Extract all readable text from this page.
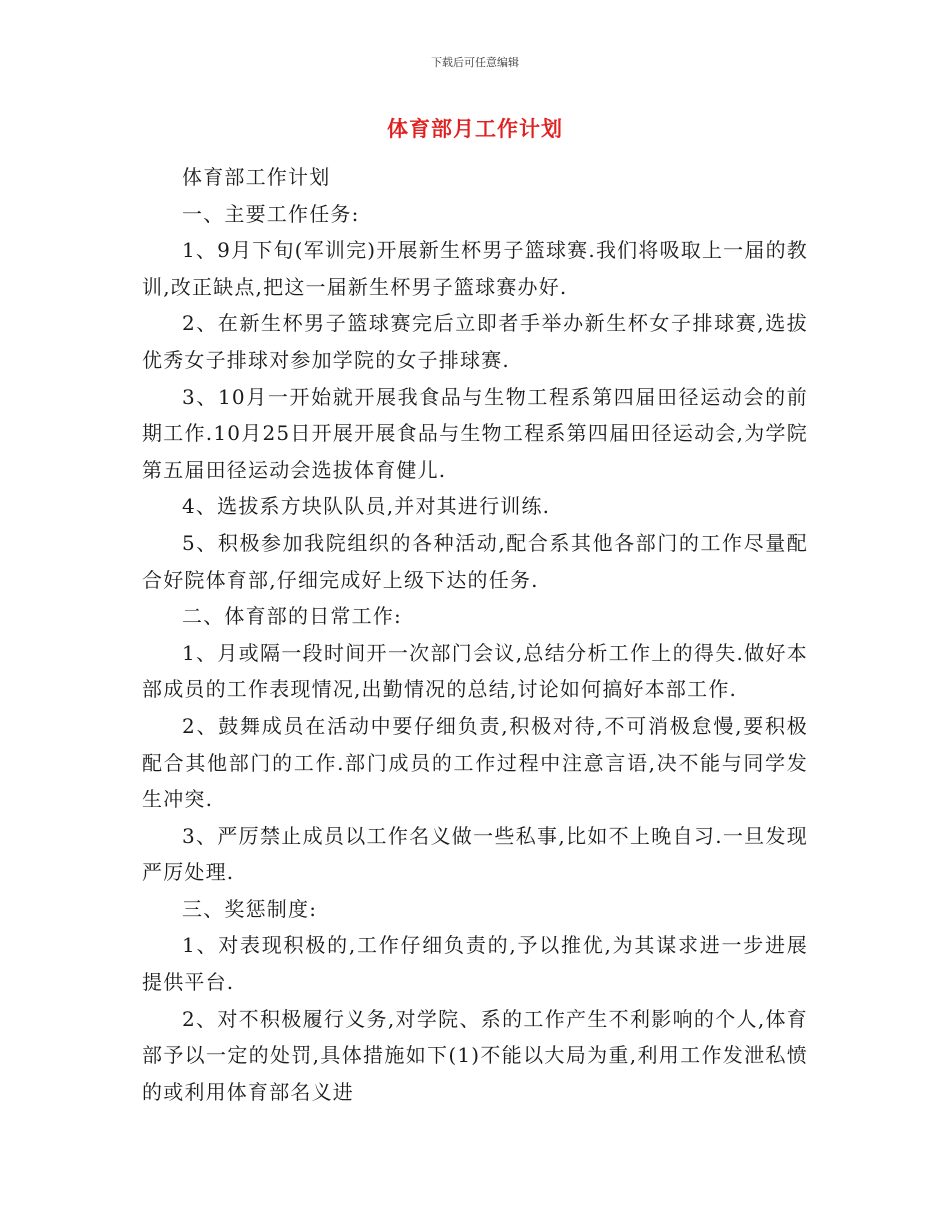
下载后可任意编辑
体育部月工作计划

体育部工作计划

一、主要工作任务:

1、9月下旬(军训完)开展新生杯男子篮球赛.我们将吸取上一届的教训,改正缺点,把这一届新生杯男子篮球赛办好.

2、在新生杯男子篮球赛完后立即者手举办新生杯女子排球赛,选拔优秀女子排球对参加学院的女子排球赛.

3、10月一开始就开展我食品与生物工程系第四届田径运动会的前期工作.10月25日开展开展食品与生物工程系第四届田径运动会,为学院第五届田径运动会选拔体育健儿.

4、选拔系方块队队员,并对其进行训练.

5、积极参加我院组织的各种活动,配合系其他各部门的工作尽量配合好院体育部,仔细完成好上级下达的任务.

二、体育部的日常工作:

1、月或隔一段时间开一次部门会议,总结分析工作上的得失.做好本部成员的工作表现情况,出勤情况的总结,讨论如何搞好本部工作.

2、鼓舞成员在活动中要仔细负责,积极对待,不可消极怠慢,要积极配合其他部门的工作.部门成员的工作过程中注意言语,决不能与同学发生冲突.

3、严厉禁止成员以工作名义做一些私事,比如不上晚自习.一旦发现严厉处理.

三、奖惩制度:

1、对表现积极的,工作仔细负责的,予以推优,为其谋求进一步进展提供平台.

2、对不积极履行义务,对学院、系的工作产生不利影响的个人,体育部予以一定的处罚,具体措施如下(1)不能以大局为重,利用工作发泄私愤的或利用体育部名义进
